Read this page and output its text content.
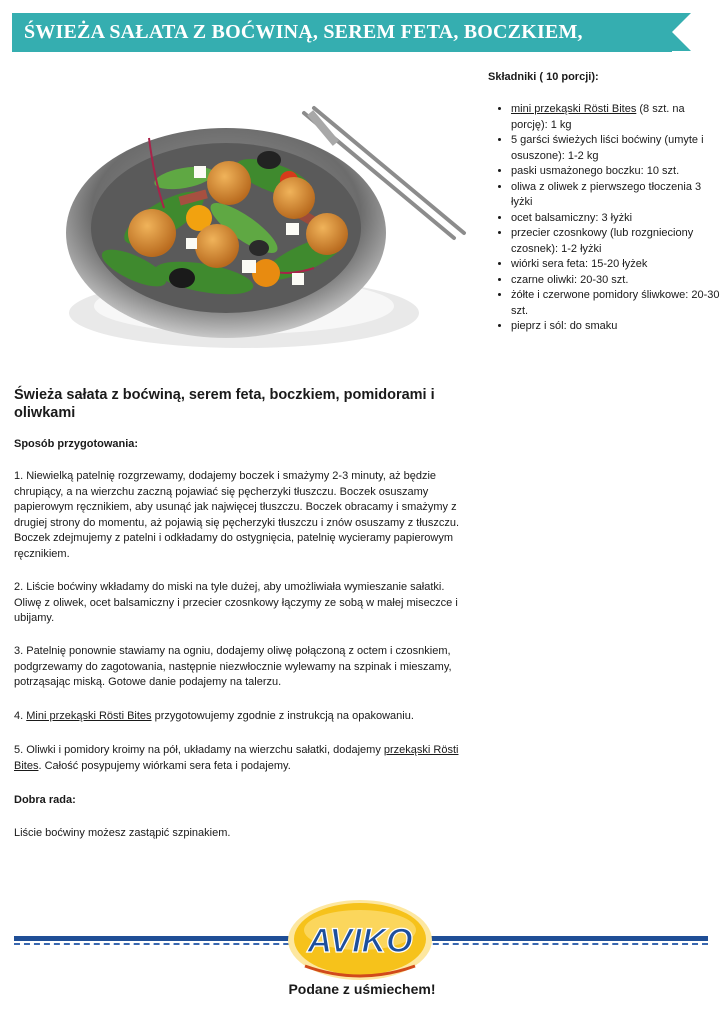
ŚWIEŻA SAŁATA Z BOĆWINĄ, SEREM FETA, BOCZKIEM,
Składniki ( 10 porcji):
• mini przekąski Rösti Bites (8 szt. na porcję): 1 kg
• 5 garści świeżych liści boćwiny (umyte i osuszone): 1-2 kg
• paski usmażonego boczku: 10 szt.
• oliwa z oliwek z pierwszego tłoczenia 3 łyżki
• ocet balsamiczny: 3 łyżki
• przecier czosnkowy (lub rozgnieciony czosnek): 1-2 łyżki
• wiórki sera feta: 15-20 łyżek
• czarne oliwki: 20-30 szt.
• żółte i czerwone pomidory śliwkowe: 20-30 szt.
• pieprz i sól: do smaku
Świeża sałata z boćwiną, serem feta, boczkiem, pomidorami i oliwkami

Sposób przygotowania:

1. Niewielką patelnię rozgrzewamy, dodajemy boczek i smażymy 2-3 minuty, aż będzie chrupiący, a na wierzchu zaczną pojawiać się pęcherzyki tłuszczu. Boczek osuszamy papierowym ręcznikiem, aby usunąć jak najwięcej tłuszczu. Boczek obracamy i smażymy z drugiej strony do momentu, aż pojawią się pęcherzyki tłuszczu i znów osuszamy z tłuszczu. Boczek zdejmujemy z patelni i odkładamy do ostygnięcia, patelnię wycieramy papierowym ręcznikiem.

2. Liście boćwiny wkładamy do miski na tyle dużej, aby umożliwiała wymieszanie sałatki. Oliwę z oliwek, ocet balsamiczny i przecier czosnkowy łączymy ze sobą w małej miseczce i ubijamy.

3. Patelnię ponownie stawiamy na ogniu, dodajemy oliwę połączoną z octem i czosnkiem, podgrzewamy do zagotowania, następnie niezwłocznie wylewamy na szpinak i mieszamy, potrząsając miską. Gotowe danie podajemy na talerzu.

4. Mini przekąski Rösti Bites przygotowujemy zgodnie z instrukcją na opakowaniu.

5. Oliwki i pomidory kroimy na pół, układamy na wierzchu sałatki, dodajemy przekąski Rösti Bites. Całość posypujemy wiórkami sera feta i podajemy.

Dobra rada:

Liście boćwiny możesz zastąpić szpinakiem.

AVIKO
Podane z uśmiechem!
